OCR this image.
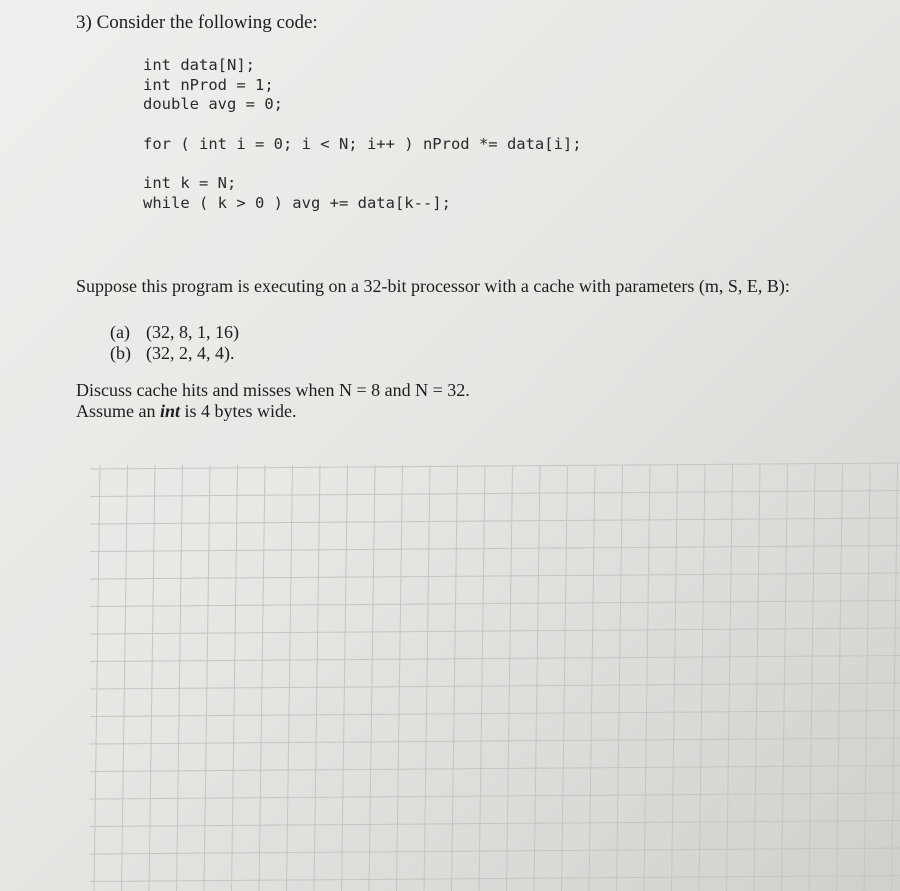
3) Consider the following code:
int data[N];
int nProd = 1;
double avg = 0;
for ( int i = 0; i < N; i++ ) nProd *= data[i];
int k = N;
while ( k > 0 ) avg += data[k--];
Suppose this program is executing on a 32-bit processor with a cache with parameters (m, S, E, B):
(a) (32, 8, 1, 16)
(b) (32, 2, 4, 4).
Discuss cache hits and misses when N = 8 and N = 32.
Assume an int is 4 bytes wide.
